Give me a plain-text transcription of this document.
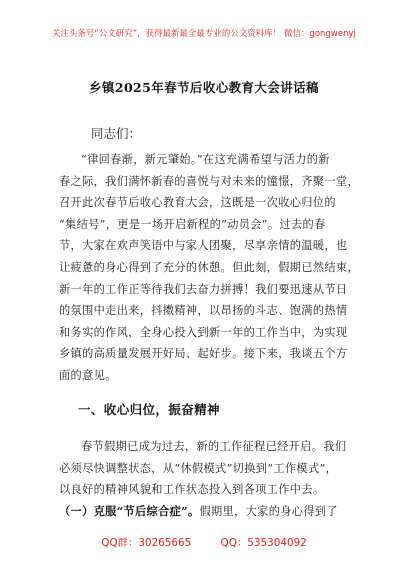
关注头条号“公文研究”，获得最新最全最专业的公文资料库！ 微信：gongwenyj
乡镇2025年春节后收心教育大会讲话稿
同志们：
“律回春渐，新元肇始。”在这充满希望与活力的新
春之际，我们满怀新春的喜悦与对未来的憧憬，齐聚一堂，
召开此次春节后收心教育大会，这既是一次收心归位的
“集结号”，更是一场开启新程的“动员会”。过去的春
节，大家在欢声笑语中与家人团聚，尽享亲情的温暖，也
让疲惫的身心得到了充分的休憩。但此刻，假期已然结束，
新一年的工作正等待我们去奋力拼搏！我们要迅速从节日
的氛围中走出来，抖擞精神，以昂扬的斗志、饱满的热情
和务实的作风，全身心投入到新一年的工作当中，为实现
乡镇的高质量发展开好局、起好步。接下来，我谈五个方
面的意见。
一、收心归位，振奋精神
春节假期已成为过去，新的工作征程已经开启。我们
必须尽快调整状态，从“休假模式”切换到“工作模式”，
以良好的精神风貌和工作状态投入到各项工作中去。
（一）克服“节后综合症”。假期里，大家的身心得到了
QQ群：30265665	QQ：535304092
